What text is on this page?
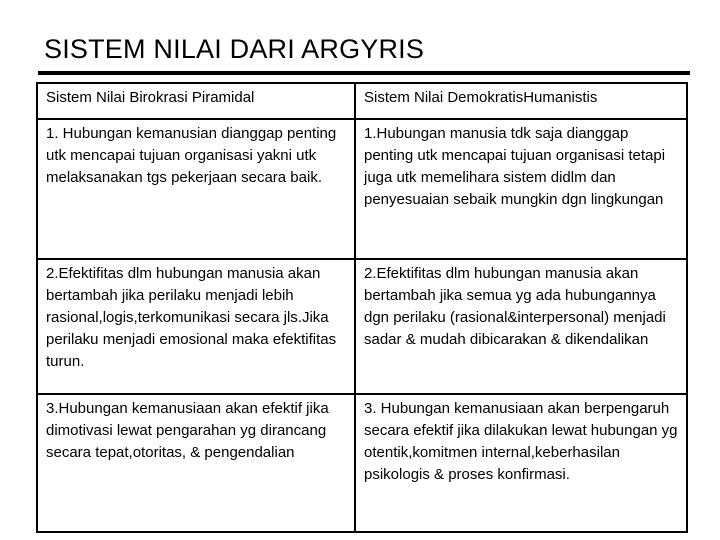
SISTEM NILAI DARI ARGYRIS
Sistem Nilai Birokrasi Piramidal	Sistem Nilai DemokratisHumanistis
1. Hubungan kemanusian dianggap penting utk mencapai tujuan organisasi yakni utk melaksanakan tgs pekerjaan secara baik.	1.Hubungan manusia tdk saja dianggap penting utk mencapai tujuan organisasi tetapi juga utk memelihara sistem didlm dan penyesuaian sebaik mungkin dgn lingkungan
2.Efektifitas dlm hubungan manusia akan bertambah jika perilaku menjadi lebih rasional,logis,terkomunikasi secara jls.Jika perilaku menjadi emosional maka efektifitas turun.	2.Efektifitas dlm hubungan manusia akan bertambah jika semua yg ada hubungannya dgn perilaku (rasional&interpersonal) menjadi sadar & mudah dibicarakan & dikendalikan
3.Hubungan kemanusiaan akan efektif jika dimotivasi lewat pengarahan yg dirancang secara tepat,otoritas, & pengendalian	3. Hubungan kemanusiaan akan berpengaruh secara efektif jika dilakukan lewat hubungan yg otentik,komitmen internal,keberhasilan psikologis & proses konfirmasi.
